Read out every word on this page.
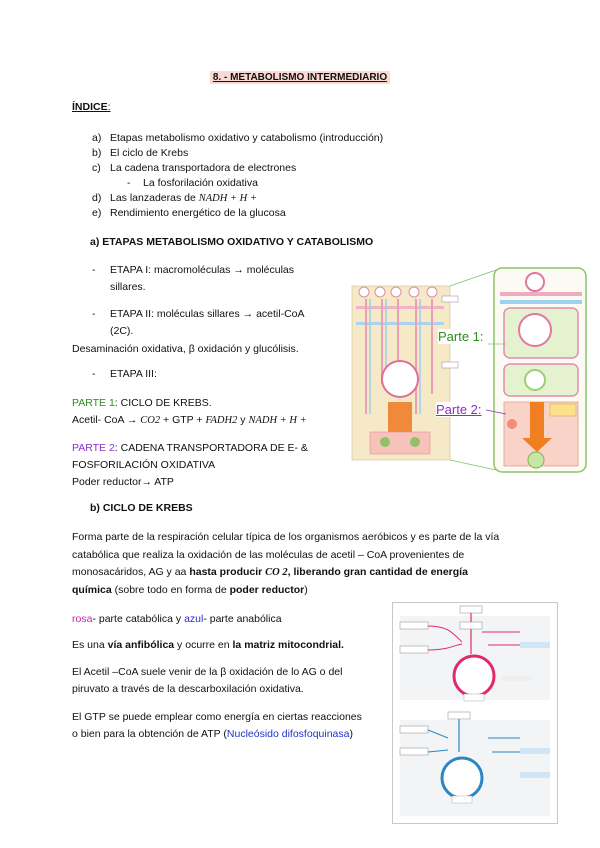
8. - METABOLISMO INTERMEDIARIO
ÍNDICE:
a) Etapas metabolismo oxidativo y catabolismo (introducción)
b) El ciclo de Krebs
c) La cadena transportadora de electrones
-	La fosforilación oxidativa
d) Las lanzaderas de
NADH + H +
e) Rendimiento energético de la glucosa
a) ETAPAS METABOLISMO OXIDATIVO Y CATABOLISMO
-	ETAPA I: macromoléculas → moléculas
sillares.
-	ETAPA II: moléculas sillares → acetil-CoA
(2C).
Desaminación oxidativa, β oxidación y glucólisis.
-	ETAPA III:
PARTE 1: CICLO DE KREBS.
Acetil- CoA → CO2 + GTP + FADH2 y NADH + H +
PARTE 2: CADENA TRANSPORTADORA DE E- &
FOSFORILACIÓN OXIDATIVA
Poder reductor→ ATP
Parte 1:
Parte 2:
b) CICLO DE KREBS
Forma parte de la respiración celular típica de los organismos aeróbicos y es parte de la vía
catabólica que realiza la oxidación de las moléculas de acetil – CoA provenientes de
monosacáridos, AG y aa hasta producir CO 2, liberando gran cantidad de energía
química (sobre todo en forma de poder reductor)
rosa- parte catabólica y azul- parte anabólica
Es una vía anfibólica y ocurre en la matriz mitocondrial.
El Acetil –CoA suele venir de la β oxidación de lo AG o del
piruvato a través de la descarboxilación oxidativa.
El GTP se puede emplear como energía en ciertas reacciones
o bien para la obtención de ATP (Nucleósido difosfoquinasa)
